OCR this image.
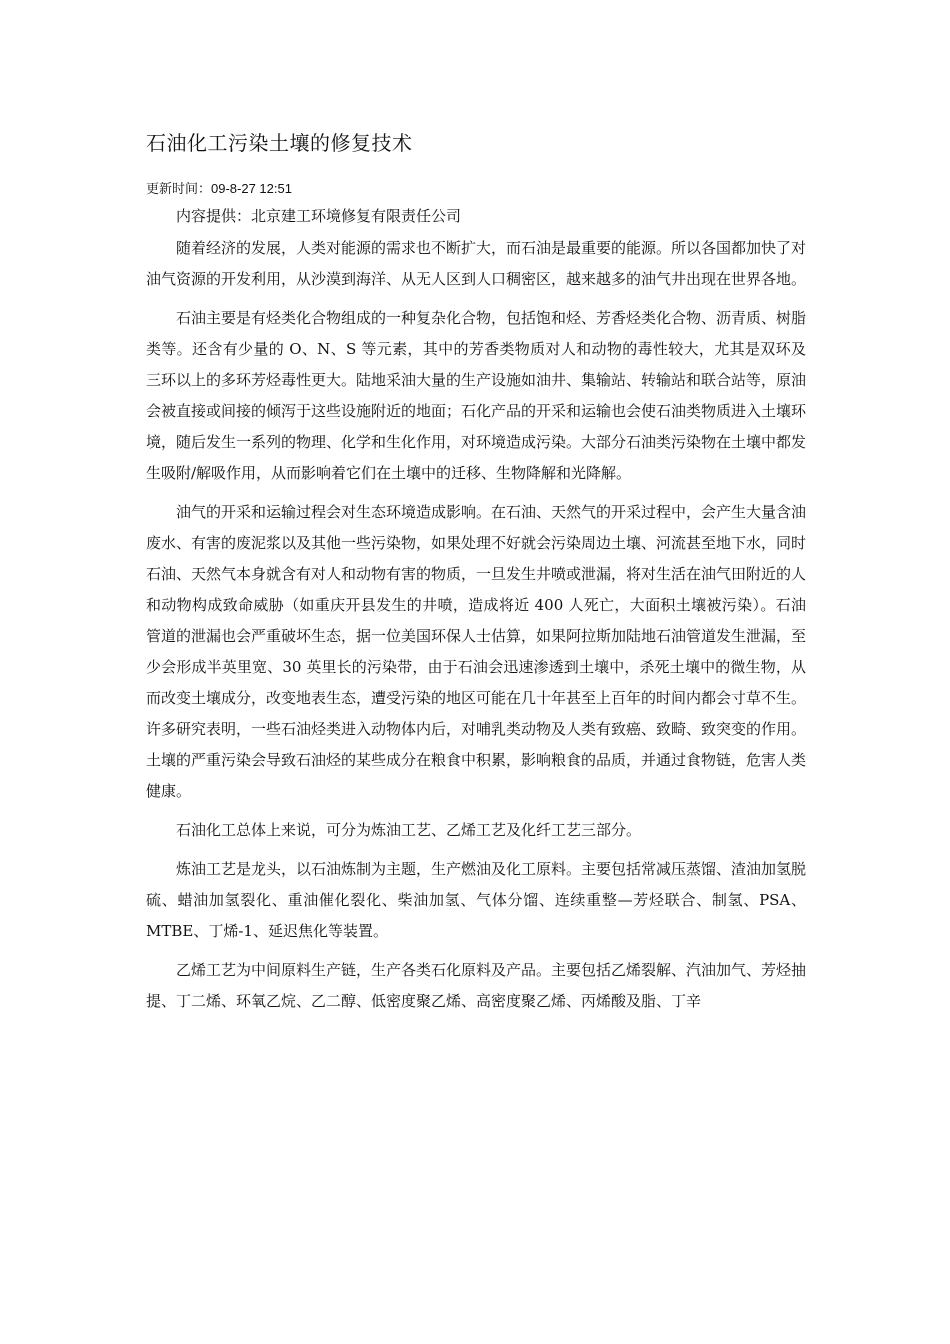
石油化工污染土壤的修复技术
更新时间：09-8-27 12:51

内容提供：北京建工环境修复有限责任公司

随着经济的发展，人类对能源的需求也不断扩大，而石油是最重要的能源。所以各国都加快了对油气资源的开发利用，从沙漠到海洋、从无人区到人口稠密区，越来越多的油气井出现在世界各地。

石油主要是有烃类化合物组成的一种复杂化合物，包括饱和烃、芳香烃类化合物、沥青质、树脂类等。还含有少量的 O、N、S 等元素，其中的芳香类物质对人和动物的毒性较大，尤其是双环及三环以上的多环芳烃毒性更大。陆地采油大量的生产设施如油井、集输站、转输站和联合站等，原油会被直接或间接的倾泻于这些设施附近的地面；石化产品的开采和运输也会使石油类物质进入土壤环境，随后发生一系列的物理、化学和生化作用，对环境造成污染。大部分石油类污染物在土壤中都发生吸附/解吸作用，从而影响着它们在土壤中的迁移、生物降解和光降解。

油气的开采和运输过程会对生态环境造成影响。在石油、天然气的开采过程中，会产生大量含油废水、有害的废泥浆以及其他一些污染物，如果处理不好就会污染周边土壤、河流甚至地下水，同时石油、天然气本身就含有对人和动物有害的物质，一旦发生井喷或泄漏，将对生活在油气田附近的人和动物构成致命威胁（如重庆开县发生的井喷，造成将近 400 人死亡，大面积土壤被污染）。石油管道的泄漏也会严重破坏生态，据一位美国环保人士估算，如果阿拉斯加陆地石油管道发生泄漏，至少会形成半英里宽、30 英里长的污染带，由于石油会迅速渗透到土壤中，杀死土壤中的微生物，从而改变土壤成分，改变地表生态，遭受污染的地区可能在几十年甚至上百年的时间内都会寸草不生。许多研究表明，一些石油烃类进入动物体内后，对哺乳类动物及人类有致癌、致畸、致突变的作用。土壤的严重污染会导致石油烃的某些成分在粮食中积累，影响粮食的品质，并通过食物链，危害人类健康。

石油化工总体上来说，可分为炼油工艺、乙烯工艺及化纤工艺三部分。

炼油工艺是龙头，以石油炼制为主题，生产燃油及化工原料。主要包括常减压蒸馏、渣油加氢脱硫、蜡油加氢裂化、重油催化裂化、柴油加氢、气体分馏、连续重整—芳烃联合、制氢、PSA、MTBE、丁烯-1、延迟焦化等装置。

乙烯工艺为中间原料生产链，生产各类石化原料及产品。主要包括乙烯裂解、汽油加气、芳烃抽提、丁二烯、环氧乙烷、乙二醇、低密度聚乙烯、高密度聚乙烯、丙烯酸及脂、丁辛
